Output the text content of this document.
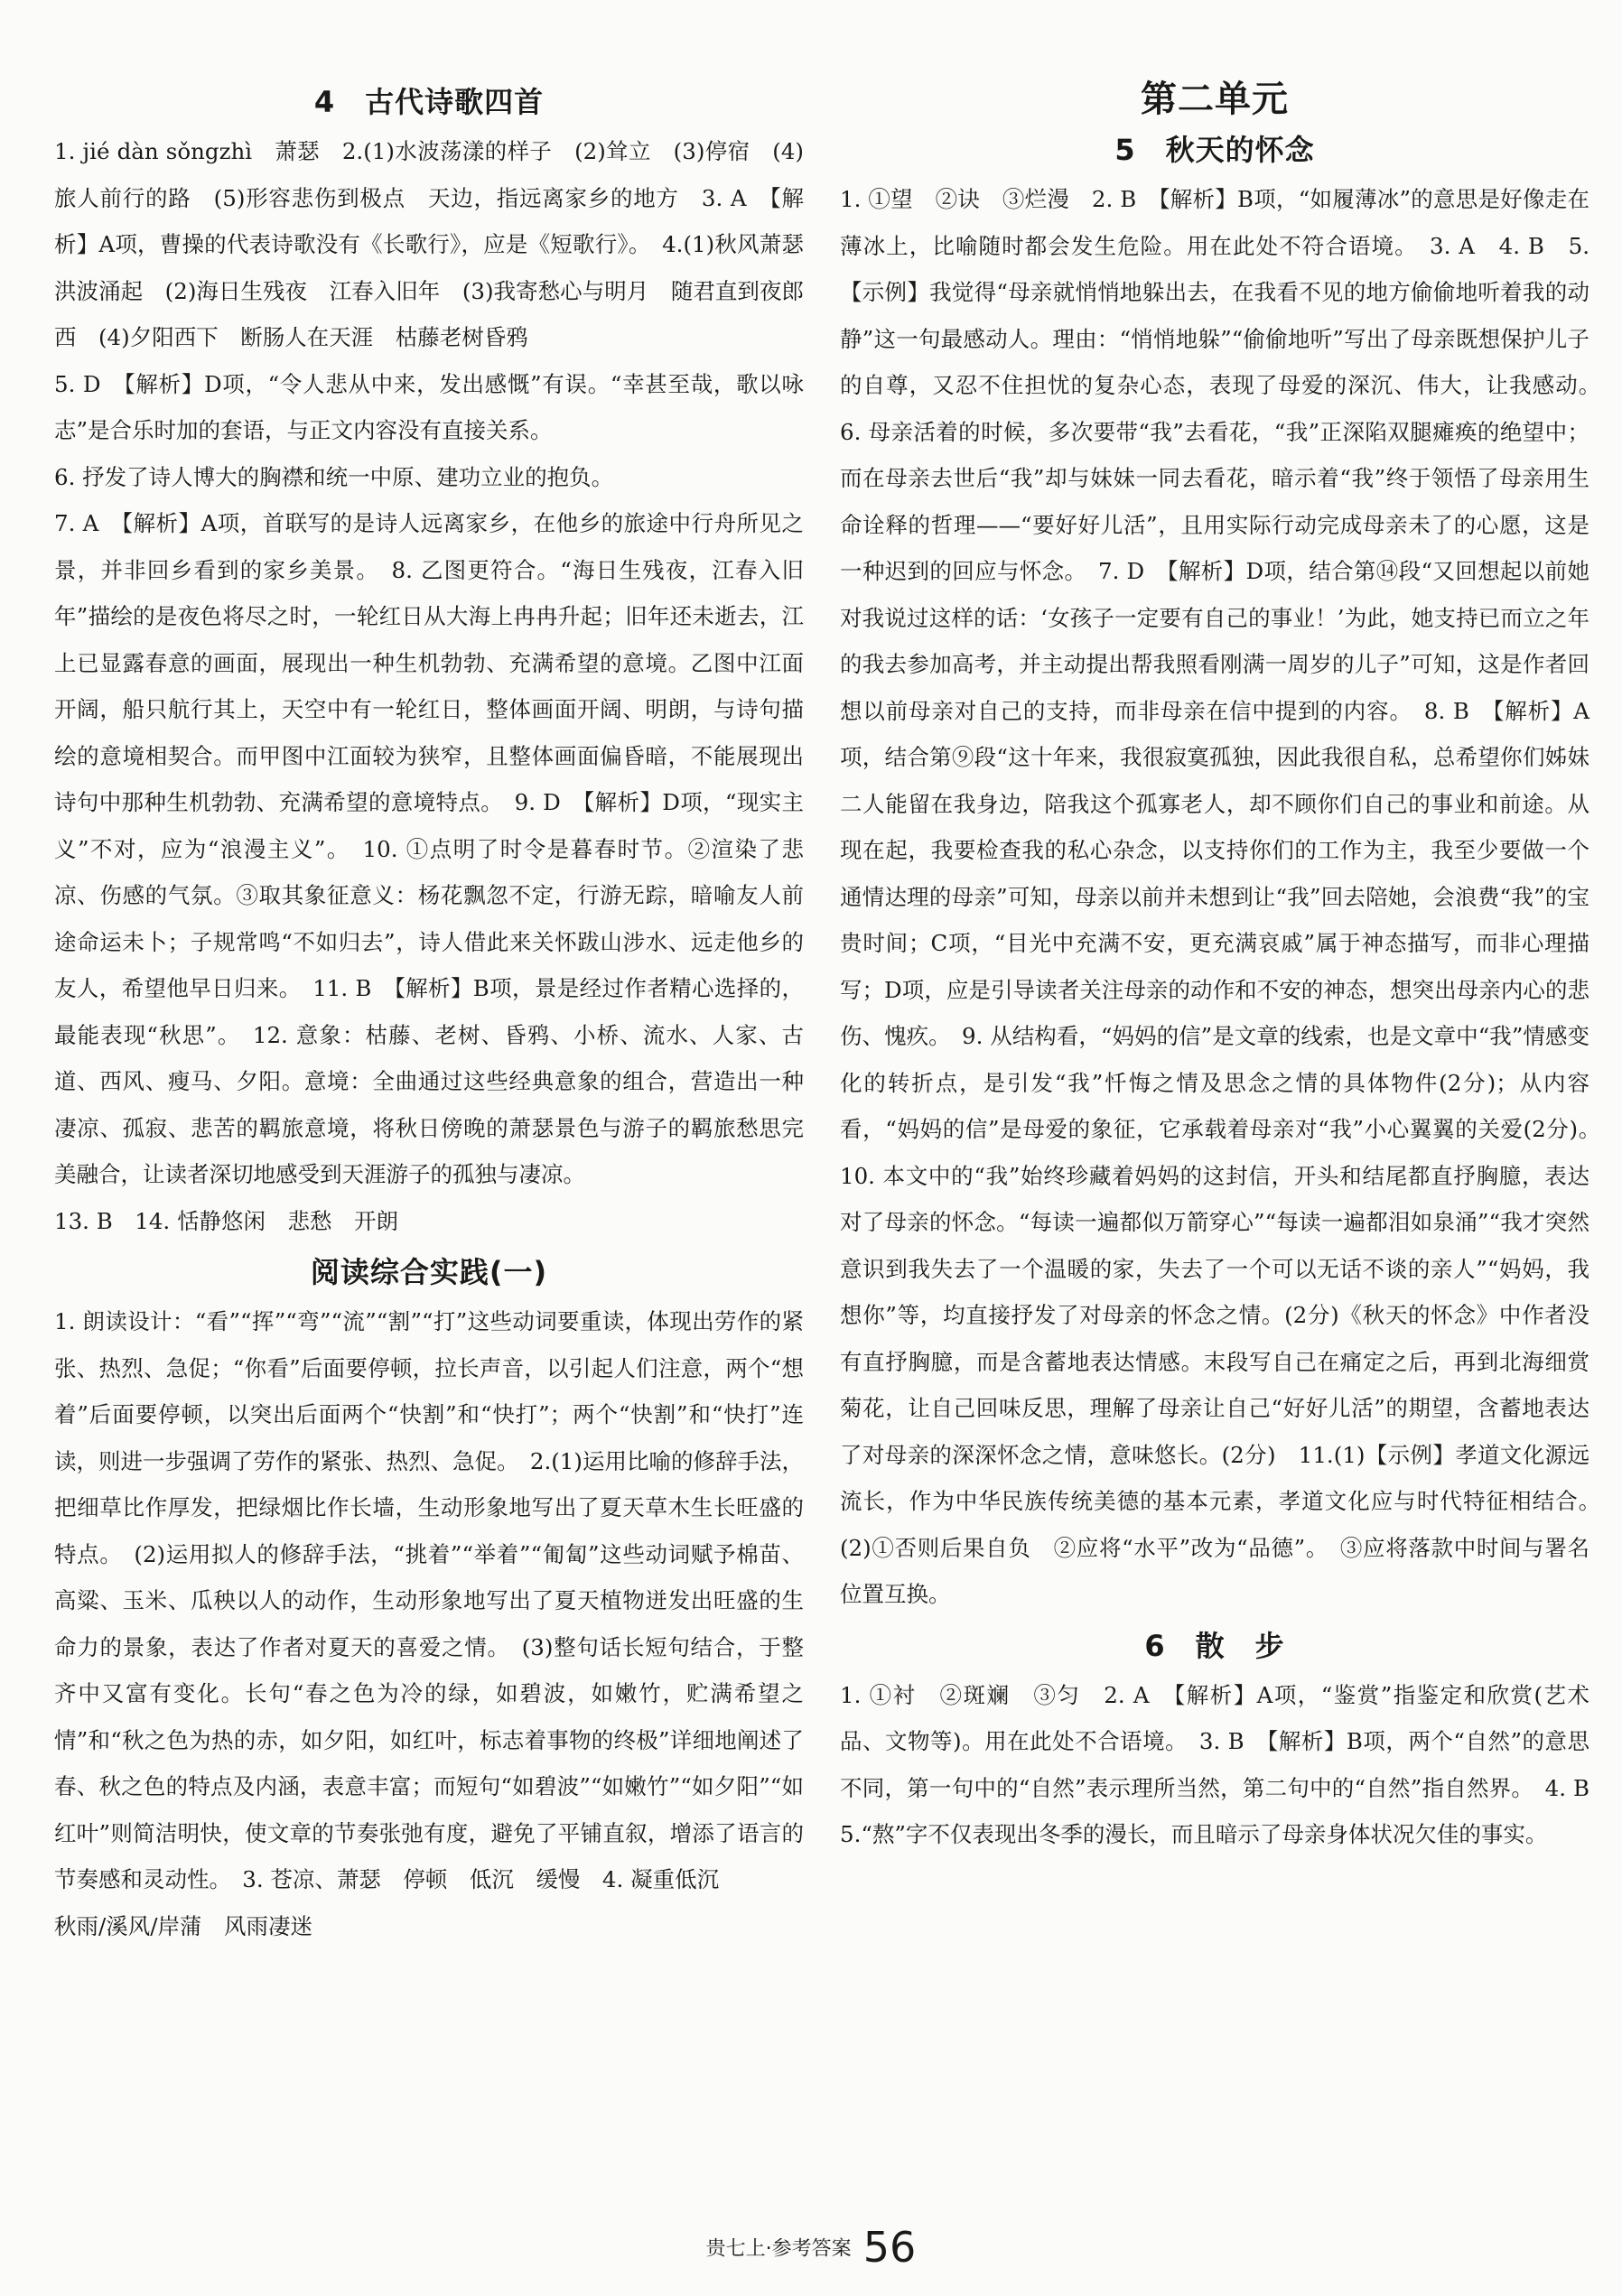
4　古代诗歌四首

1. jié dàn sǒngzhì　萧瑟　2.(1)水波荡漾的样子　(2)耸立　(3)停宿　(4)旅人前行的路　(5)形容悲伤到极点　天边，指远离家乡的地方　3. A　【解析】A项，曹操的代表诗歌没有《长歌行》，应是《短歌行》。　4.(1)秋风萧瑟　洪波涌起　(2)海日生残夜　江春入旧年　(3)我寄愁心与明月　随君直到夜郎西　(4)夕阳西下　断肠人在天涯　枯藤老树昏鸦
5. D　【解析】D项，“令人悲从中来，发出感慨”有误。“幸甚至哉，歌以咏志”是合乐时加的套语，与正文内容没有直接关系。
6. 抒发了诗人博大的胸襟和统一中原、建功立业的抱负。
7. A　【解析】A项，首联写的是诗人远离家乡，在他乡的旅途中行舟所见之景，并非回乡看到的家乡美景。　8. 乙图更符合。“海日生残夜，江春入旧年”描绘的是夜色将尽之时，一轮红日从大海上冉冉升起；旧年还未逝去，江上已显露春意的画面，展现出一种生机勃勃、充满希望的意境。乙图中江面开阔，船只航行其上，天空中有一轮红日，整体画面开阔、明朗，与诗句描绘的意境相契合。而甲图中江面较为狭窄，且整体画面偏昏暗，不能展现出诗句中那种生机勃勃、充满希望的意境特点。　9. D　【解析】D项，“现实主义”不对，应为“浪漫主义”。　10. ①点明了时令是暮春时节。②渲染了悲凉、伤感的气氛。③取其象征意义：杨花飘忽不定，行游无踪，暗喻友人前途命运未卜；子规常鸣“不如归去”，诗人借此来关怀跋山涉水、远走他乡的友人，希望他早日归来。　11. B　【解析】B项，景是经过作者精心选择的，最能表现“秋思”。　12. 意象：枯藤、老树、昏鸦、小桥、流水、人家、古道、西风、瘦马、夕阳。意境：全曲通过这些经典意象的组合，营造出一种凄凉、孤寂、悲苦的羁旅意境，将秋日傍晚的萧瑟景色与游子的羁旅愁思完美融合，让读者深切地感受到天涯游子的孤独与凄凉。
13. B　14. 恬静悠闲　悲愁　开朗

阅读综合实践(一)

1. 朗读设计：“看”“挥”“弯”“流”“割”“打”这些动词要重读，体现出劳作的紧张、热烈、急促；“你看”后面要停顿，拉长声音，以引起人们注意，两个“想着”后面要停顿，以突出后面两个“快割”和“快打”；两个“快割”和“快打”连读，则进一步强调了劳作的紧张、热烈、急促。　2.(1)运用比喻的修辞手法，把细草比作厚发，把绿烟比作长墙，生动形象地写出了夏天草木生长旺盛的特点。　(2)运用拟人的修辞手法，“挑着”“举着”“匍匐”这些动词赋予棉苗、高粱、玉米、瓜秧以人的动作，生动形象地写出了夏天植物迸发出旺盛的生命力的景象，表达了作者对夏天的喜爱之情。　(3)整句话长短句结合，于整齐中又富有变化。长句“春之色为冷的绿，如碧波，如嫩竹，贮满希望之情”和“秋之色为热的赤，如夕阳，如红叶，标志着事物的终极”详细地阐述了春、秋之色的特点及内涵，表意丰富；而短句“如碧波”“如嫩竹”“如夕阳”“如红叶”则简洁明快，使文章的节奏张弛有度，避免了平铺直叙，增添了语言的节奏感和灵动性。　3. 苍凉、萧瑟　停顿　低沉　缓慢　4. 凝重低沉
秋雨/溪风/岸蒲　风雨凄迷

第二单元
5　秋天的怀念

1. ①望　②诀　③烂漫　2. B　【解析】B项，“如履薄冰”的意思是好像走在薄冰上，比喻随时都会发生危险。用在此处不符合语境。　3. A　4. B　5.【示例】我觉得“母亲就悄悄地躲出去，在我看不见的地方偷偷地听着我的动静”这一句最感动人。理由：“悄悄地躲”“偷偷地听”写出了母亲既想保护儿子的自尊，又忍不住担忧的复杂心态，表现了母爱的深沉、伟大，让我感动。　6. 母亲活着的时候，多次要带“我”去看花，“我”正深陷双腿瘫痪的绝望中；而在母亲去世后“我”却与妹妹一同去看花，暗示着“我”终于领悟了母亲用生命诠释的哲理——“要好好儿活”，且用实际行动完成母亲未了的心愿，这是一种迟到的回应与怀念。　7. D　【解析】D项，结合第⑭段“又回想起以前她对我说过这样的话：‘女孩子一定要有自己的事业！’为此，她支持已而立之年的我去参加高考，并主动提出帮我照看刚满一周岁的儿子”可知，这是作者回想以前母亲对自己的支持，而非母亲在信中提到的内容。　8. B　【解析】A项，结合第⑨段“这十年来，我很寂寞孤独，因此我很自私，总希望你们姊妹二人能留在我身边，陪我这个孤寡老人，却不顾你们自己的事业和前途。从现在起，我要检查我的私心杂念，以支持你们的工作为主，我至少要做一个通情达理的母亲”可知，母亲以前并未想到让“我”回去陪她，会浪费“我”的宝贵时间；C项，“目光中充满不安，更充满哀戚”属于神态描写，而非心理描写；D项，应是引导读者关注母亲的动作和不安的神态，想突出母亲内心的悲伤、愧疚。　9. 从结构看，“妈妈的信”是文章的线索，也是文章中“我”情感变化的转折点，是引发“我”忏悔之情及思念之情的具体物件(2分)；从内容看，“妈妈的信”是母爱的象征，它承载着母亲对“我”小心翼翼的关爱(2分)。　10. 本文中的“我”始终珍藏着妈妈的这封信，开头和结尾都直抒胸臆，表达对了母亲的怀念。“每读一遍都似万箭穿心”“每读一遍都泪如泉涌”“我才突然意识到我失去了一个温暖的家，失去了一个可以无话不谈的亲人”“妈妈，我想你”等，均直接抒发了对母亲的怀念之情。(2分)《秋天的怀念》中作者没有直抒胸臆，而是含蓄地表达情感。末段写自己在痛定之后，再到北海细赏菊花，让自己回味反思，理解了母亲让自己“好好儿活”的期望，含蓄地表达了对母亲的深深怀念之情，意味悠长。(2分)　11.(1)【示例】孝道文化源远流长，作为中华民族传统美德的基本元素，孝道文化应与时代特征相结合。　(2)①否则后果自负　②应将“水平”改为“品德”。　③应将落款中时间与署名位置互换。

6　散　步

1. ①衬　②斑斓　③匀　2. A　【解析】A项，“鉴赏”指鉴定和欣赏(艺术品、文物等)。用在此处不合语境。　3. B　【解析】B项，两个“自然”的意思不同，第一句中的“自然”表示理所当然，第二句中的“自然”指自然界。　4. B　5.“熬”字不仅表现出冬季的漫长，而且暗示了母亲身体状况欠佳的事实。

贵七上·参考答案 56
